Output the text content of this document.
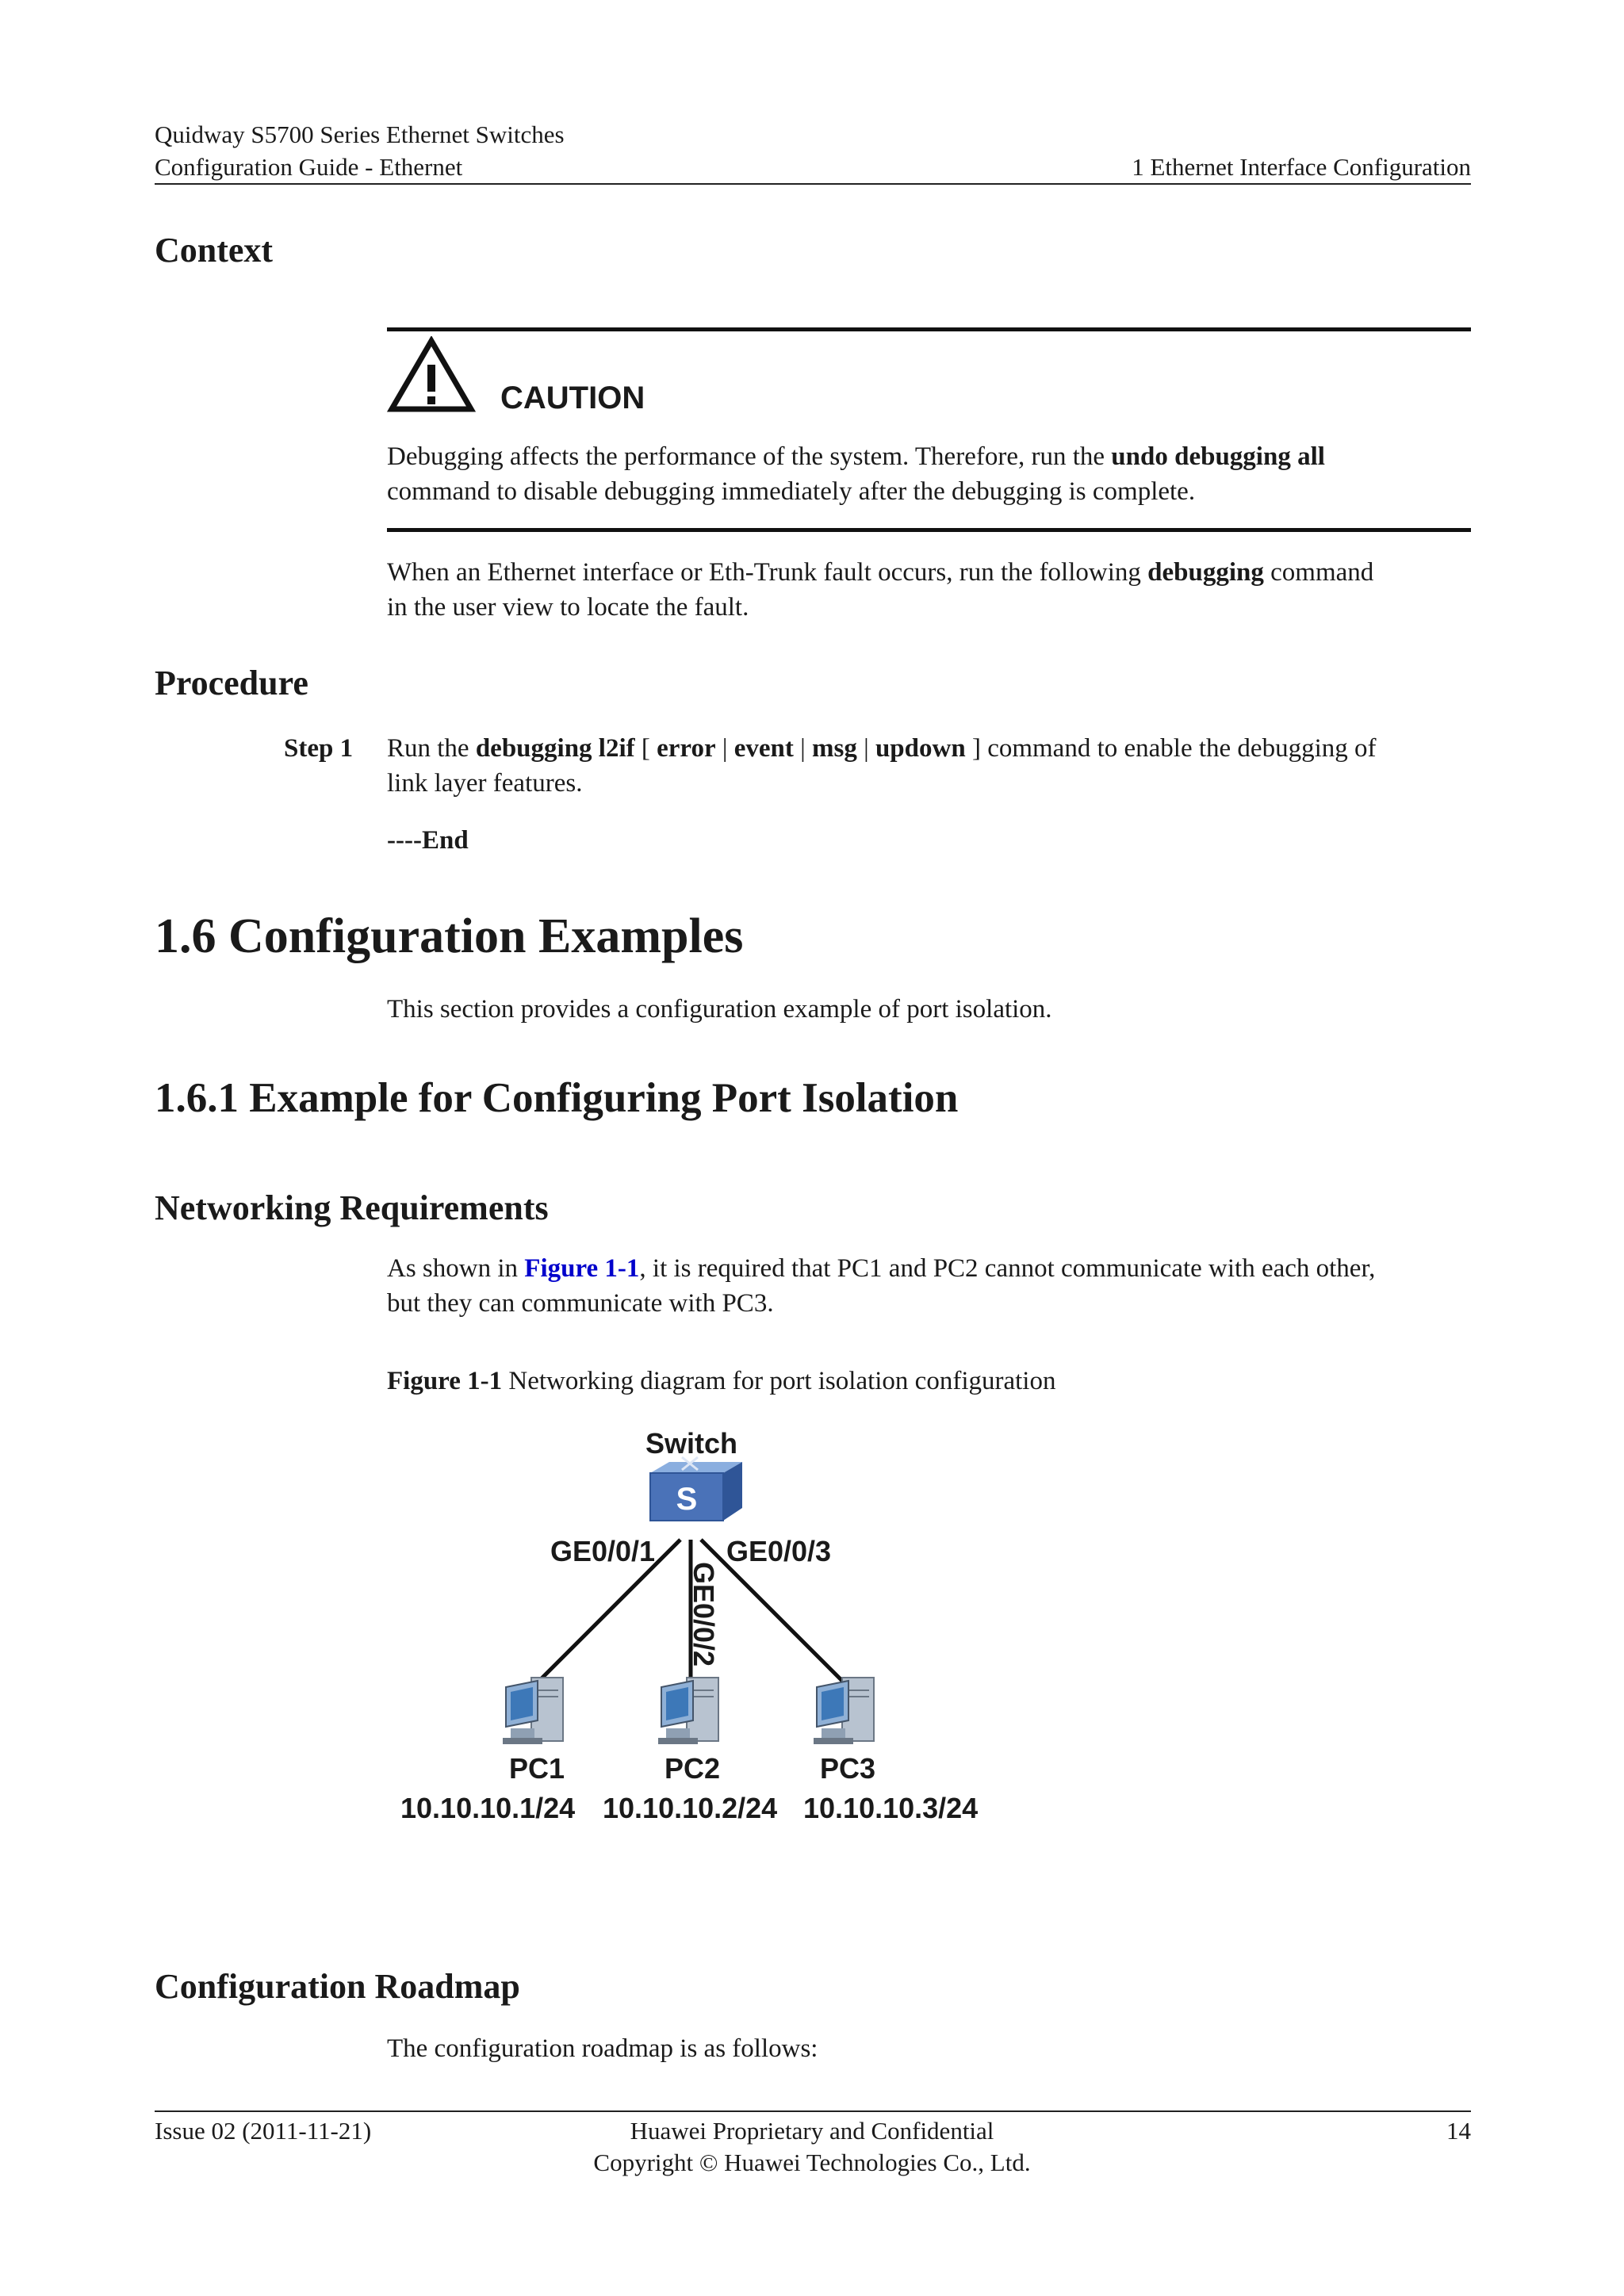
Quidway S5700 Series Ethernet Switches
Configuration Guide - Ethernet	1 Ethernet Interface Configuration
Context
CAUTION
Debugging affects the performance of the system. Therefore, run the undo debugging all
command to disable debugging immediately after the debugging is complete.
When an Ethernet interface or Eth-Trunk fault occurs, run the following debugging command
in the user view to locate the fault.
Procedure
Step 1 Run the debugging l2if [ error | event | msg | updown ] command to enable the debugging of
link layer features.
----End
1.6 Configuration Examples
This section provides a configuration example of port isolation.
1.6.1 Example for Configuring Port Isolation
Networking Requirements
As shown in Figure 1-1, it is required that PC1 and PC2 cannot communicate with each other,
but they can communicate with PC3.
Figure 1-1 Networking diagram for port isolation configuration
Switch
S
GE0/0/1 GE0/0/3
GE0/0/2
PC1	PC2	PC3
10.10.10.1/24 10.10.10.2/24 10.10.10.3/24
Configuration Roadmap
The configuration roadmap is as follows:
Issue 02 (2011-11-21)	Huawei Proprietary and Confidential
Copyright © Huawei Technologies Co., Ltd.
14
